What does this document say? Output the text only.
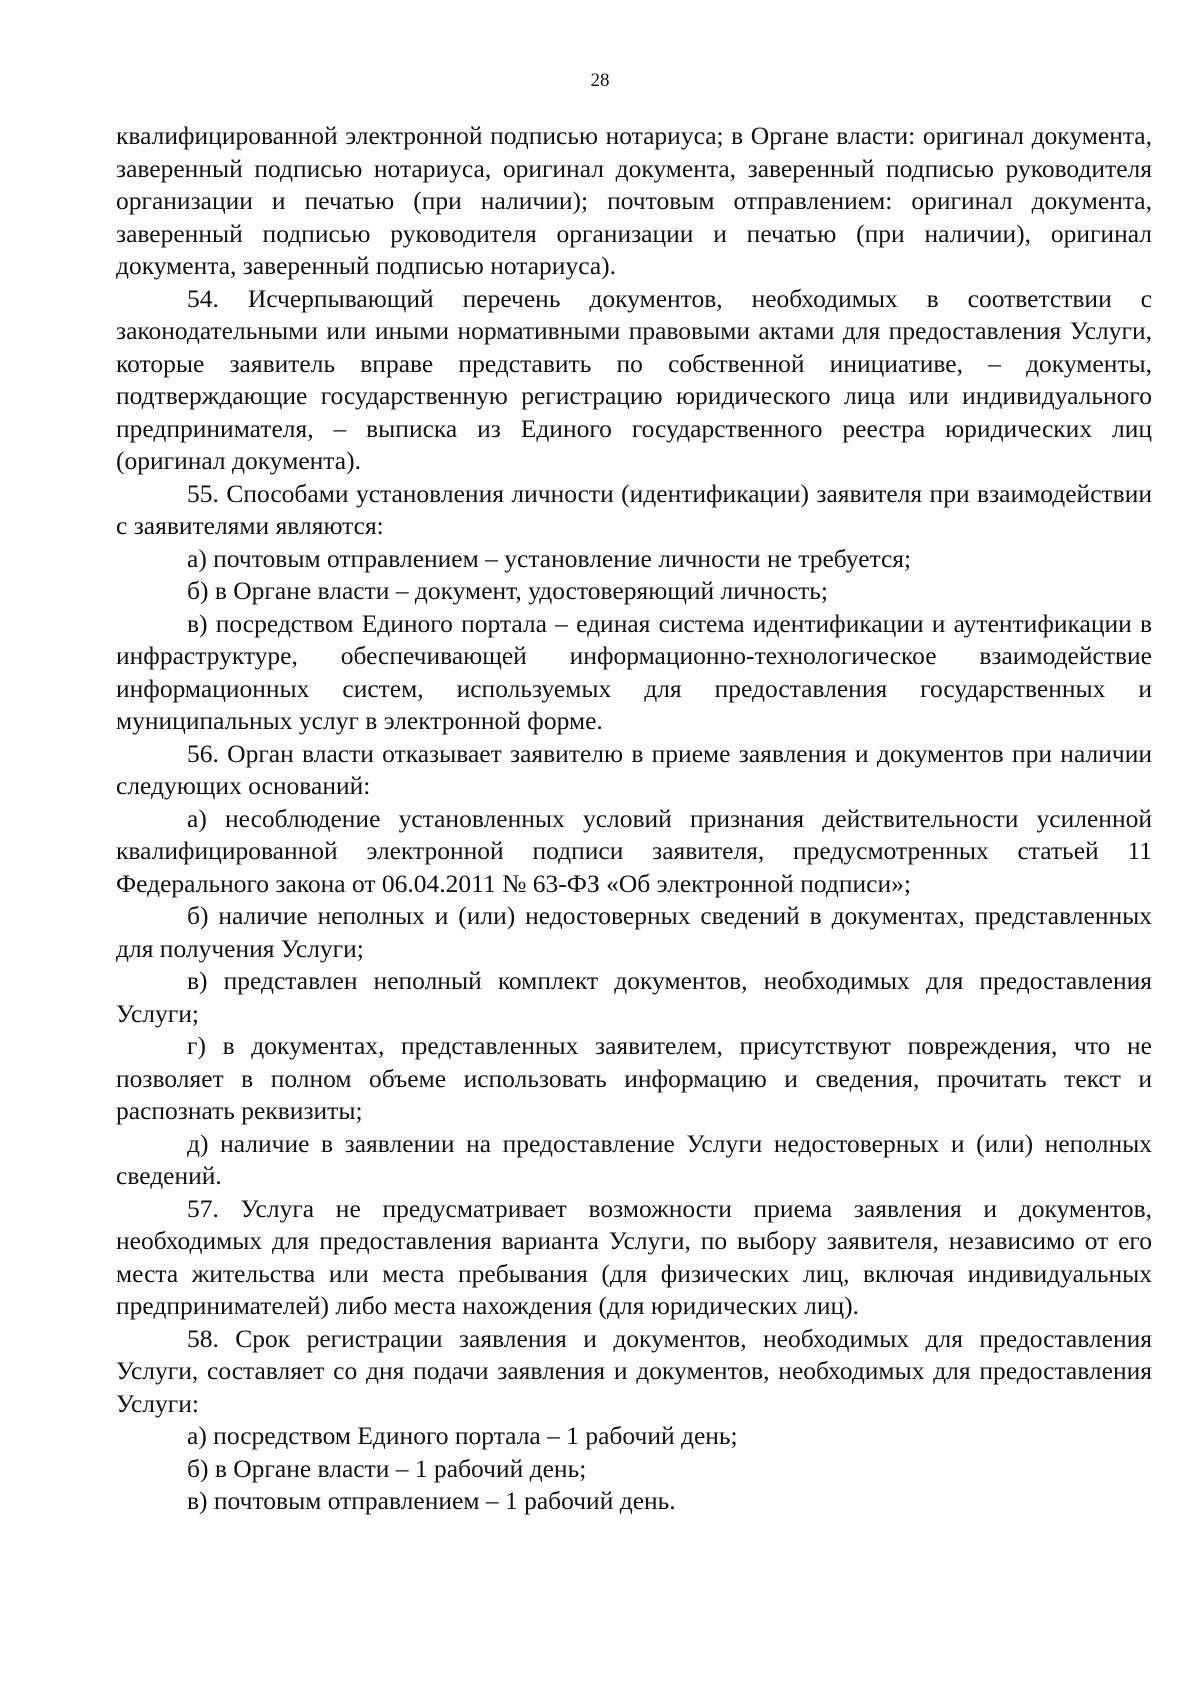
28

квалифицированной электронной подписью нотариуса; в Органе власти: оригинал документа, заверенный подписью нотариуса, оригинал документа, заверенный подписью руководителя организации и печатью (при наличии); почтовым отправлением: оригинал документа, заверенный подписью руководителя организации и печатью (при наличии), оригинал документа, заверенный подписью нотариуса).

54. Исчерпывающий перечень документов, необходимых в соответствии с законодательными или иными нормативными правовыми актами для предоставления Услуги, которые заявитель вправе представить по собственной инициативе, – документы, подтверждающие государственную регистрацию юридического лица или индивидуального предпринимателя, – выписка из Единого государственного реестра юридических лиц (оригинал документа).

55. Способами установления личности (идентификации) заявителя при взаимодействии с заявителями являются:

а) почтовым отправлением – установление личности не требуется;

б) в Органе власти – документ, удостоверяющий личность;

в) посредством Единого портала – единая система идентификации и аутентификации в инфраструктуре, обеспечивающей информационно-технологическое взаимодействие информационных систем, используемых для предоставления государственных и муниципальных услуг в электронной форме.

56. Орган власти отказывает заявителю в приеме заявления и документов при наличии следующих оснований:

а) несоблюдение установленных условий признания действительности усиленной квалифицированной электронной подписи заявителя, предусмотренных статьей 11 Федерального закона от 06.04.2011 № 63-ФЗ «Об электронной подписи»;

б) наличие неполных и (или) недостоверных сведений в документах, представленных для получения Услуги;

в) представлен неполный комплект документов, необходимых для предоставления Услуги;

г) в документах, представленных заявителем, присутствуют повреждения, что не позволяет в полном объеме использовать информацию и сведения, прочитать текст и распознать реквизиты;

д) наличие в заявлении на предоставление Услуги недостоверных и (или) неполных сведений.

57. Услуга не предусматривает возможности приема заявления и документов, необходимых для предоставления варианта Услуги, по выбору заявителя, независимо от его места жительства или места пребывания (для физических лиц, включая индивидуальных предпринимателей) либо места нахождения (для юридических лиц).

58. Срок регистрации заявления и документов, необходимых для предоставления Услуги, составляет со дня подачи заявления и документов, необходимых для предоставления Услуги:

а) посредством Единого портала – 1 рабочий день;

б) в Органе власти – 1 рабочий день;

в) почтовым отправлением – 1 рабочий день.
